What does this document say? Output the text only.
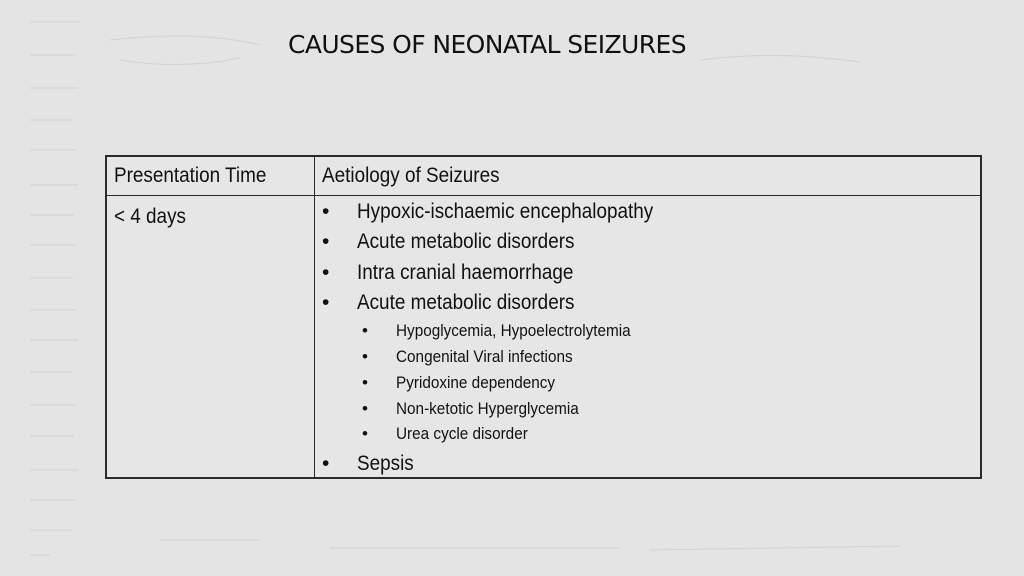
CAUSES OF NEONATAL SEIZURES
Presentation Time	Aetiology of Seizures
< 4 days	• Hypoxic-ischaemic encephalopathy
• Acute metabolic disorders
• Intra cranial haemorrhage
• Acute metabolic disorders
• Hypoglycemia, Hypoelectrolytemia
• Congenital Viral infections
• Pyridoxine dependency
• Non-ketotic Hyperglycemia
• Urea cycle disorder
• Sepsis
